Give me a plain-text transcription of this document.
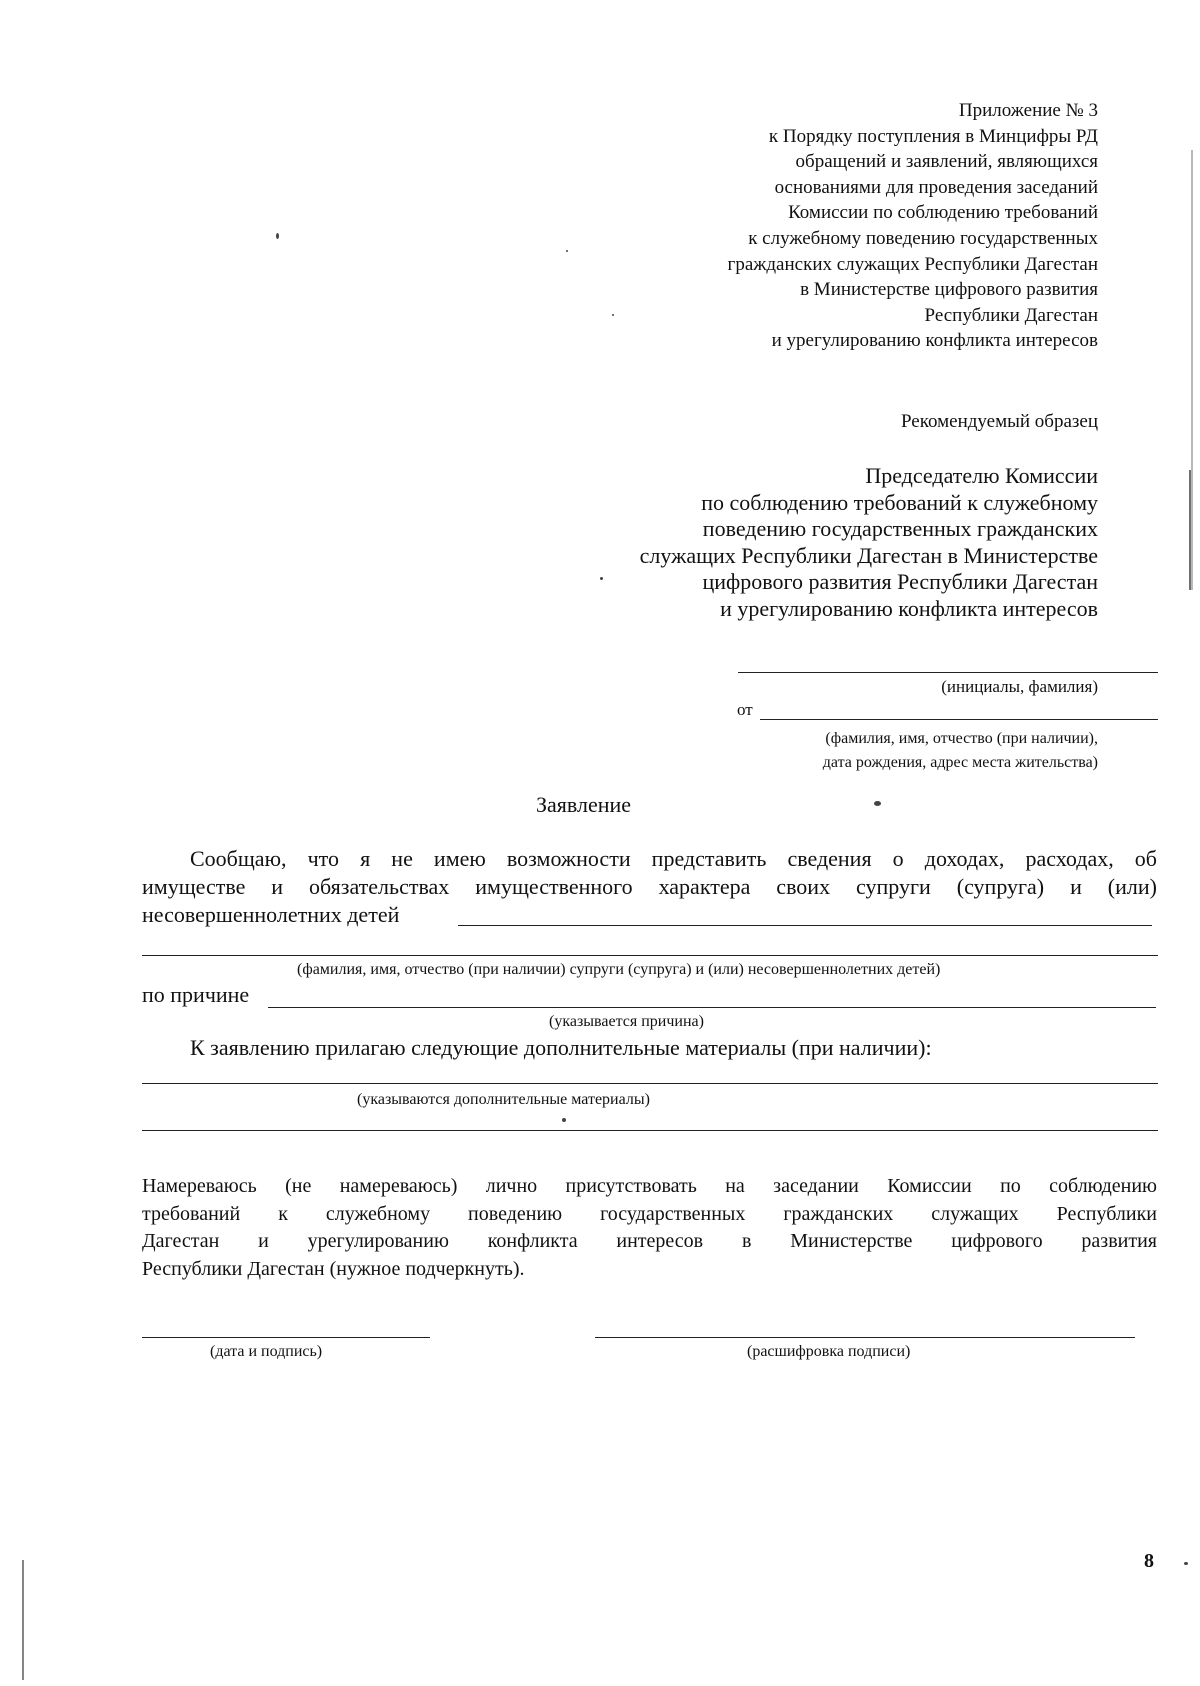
Приложение № 3
к Порядку поступления в Минцифры РД
обращений и заявлений, являющихся
основаниями для проведения заседаний
Комиссии по соблюдению требований
к служебному поведению государственных
гражданских служащих Республики Дагестан
в Министерстве цифрового развития
Республики Дагестан
и урегулированию конфликта интересов
Рекомендуемый образец
Председателю Комиссии
по соблюдению требований к служебному
поведению государственных гражданских
служащих Республики Дагестан в Министерстве
цифрового развития Республики Дагестан
и урегулированию конфликта интересов
(инициалы, фамилия)
от
(фамилия, имя, отчество (при наличии),
дата рождения, адрес места жительства)
Заявление
Сообщаю, что я не имею возможности представить сведения о доходах, расходах, об
имуществе и обязательствах имущественного характера своих супруги (супруга) и (или)
несовершеннолетних детей
(фамилия, имя, отчество (при наличии) супруги (супруга) и (или) несовершеннолетних детей)
по причине
(указывается причина)
К заявлению прилагаю следующие дополнительные материалы (при наличии):
(указываются дополнительные материалы)
Намереваюсь (не намереваюсь) лично присутствовать на заседании Комиссии по соблюдению
требований к служебному поведению государственных гражданских служащих Республики
Дагестан и урегулированию конфликта интересов в Министерстве цифрового развития
Республики Дагестан (нужное подчеркнуть).
(дата и подпись)	(расшифровка подписи)
8
